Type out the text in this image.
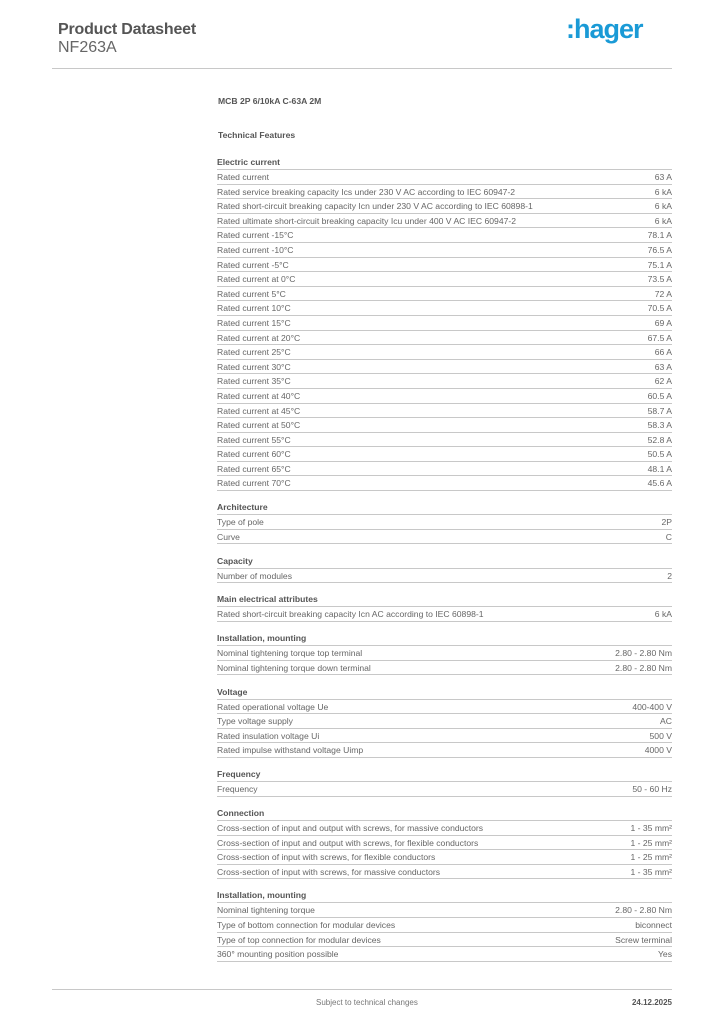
Product Datasheet
NF263A
:hager
MCB 2P 6/10kA C-63A 2M
Technical Features
Electric current
Rated current	63 A
Rated service breaking capacity Ics under 230 V AC according to IEC 60947-2	6 kA
Rated short-circuit breaking capacity Icn under 230 V AC according to IEC 60898-1	6 kA
Rated ultimate short-circuit breaking capacity Icu under 400 V AC IEC 60947-2	6 kA
Rated current -15°C	78.1 A
Rated current -10°C	76.5 A
Rated current -5°C	75.1 A
Rated current at 0°C	73.5 A
Rated current 5°C	72 A
Rated current 10°C	70.5 A
Rated current 15°C	69 A
Rated current at 20°C	67.5 A
Rated current 25°C	66 A
Rated current 30°C	63 A
Rated current 35°C	62 A
Rated current at 40°C	60.5 A
Rated current at 45°C	58.7 A
Rated current at 50°C	58.3 A
Rated current 55°C	52.8 A
Rated current 60°C	50.5 A
Rated current 65°C	48.1 A
Rated current 70°C	45.6 A
Architecture
Type of pole	2P
Curve	C
Capacity
Number of modules	2
Main electrical attributes
Rated short-circuit breaking capacity Icn AC according to IEC 60898-1	6 kA
Installation, mounting
Nominal tightening torque top terminal	2.80 - 2.80 Nm
Nominal tightening torque down terminal	2.80 - 2.80 Nm
Voltage
Rated operational voltage Ue	400-400 V
Type voltage supply	AC
Rated insulation voltage Ui	500 V
Rated impulse withstand voltage Uimp	4000 V
Frequency
Frequency	50 - 60 Hz
Connection
Cross-section of input and output with screws, for massive conductors	1 - 35 mm²
Cross-section of input and output with screws, for flexible conductors	1 - 25 mm²
Cross-section of input with screws, for flexible conductors	1 - 25 mm²
Cross-section of input with screws, for massive conductors	1 - 35 mm²
Installation, mounting
Nominal tightening torque	2.80 - 2.80 Nm
Type of bottom connection for modular devices	biconnect
Type of top connection for modular devices	Screw terminal
360° mounting position possible	Yes
Subject to technical changes	24.12.2025
